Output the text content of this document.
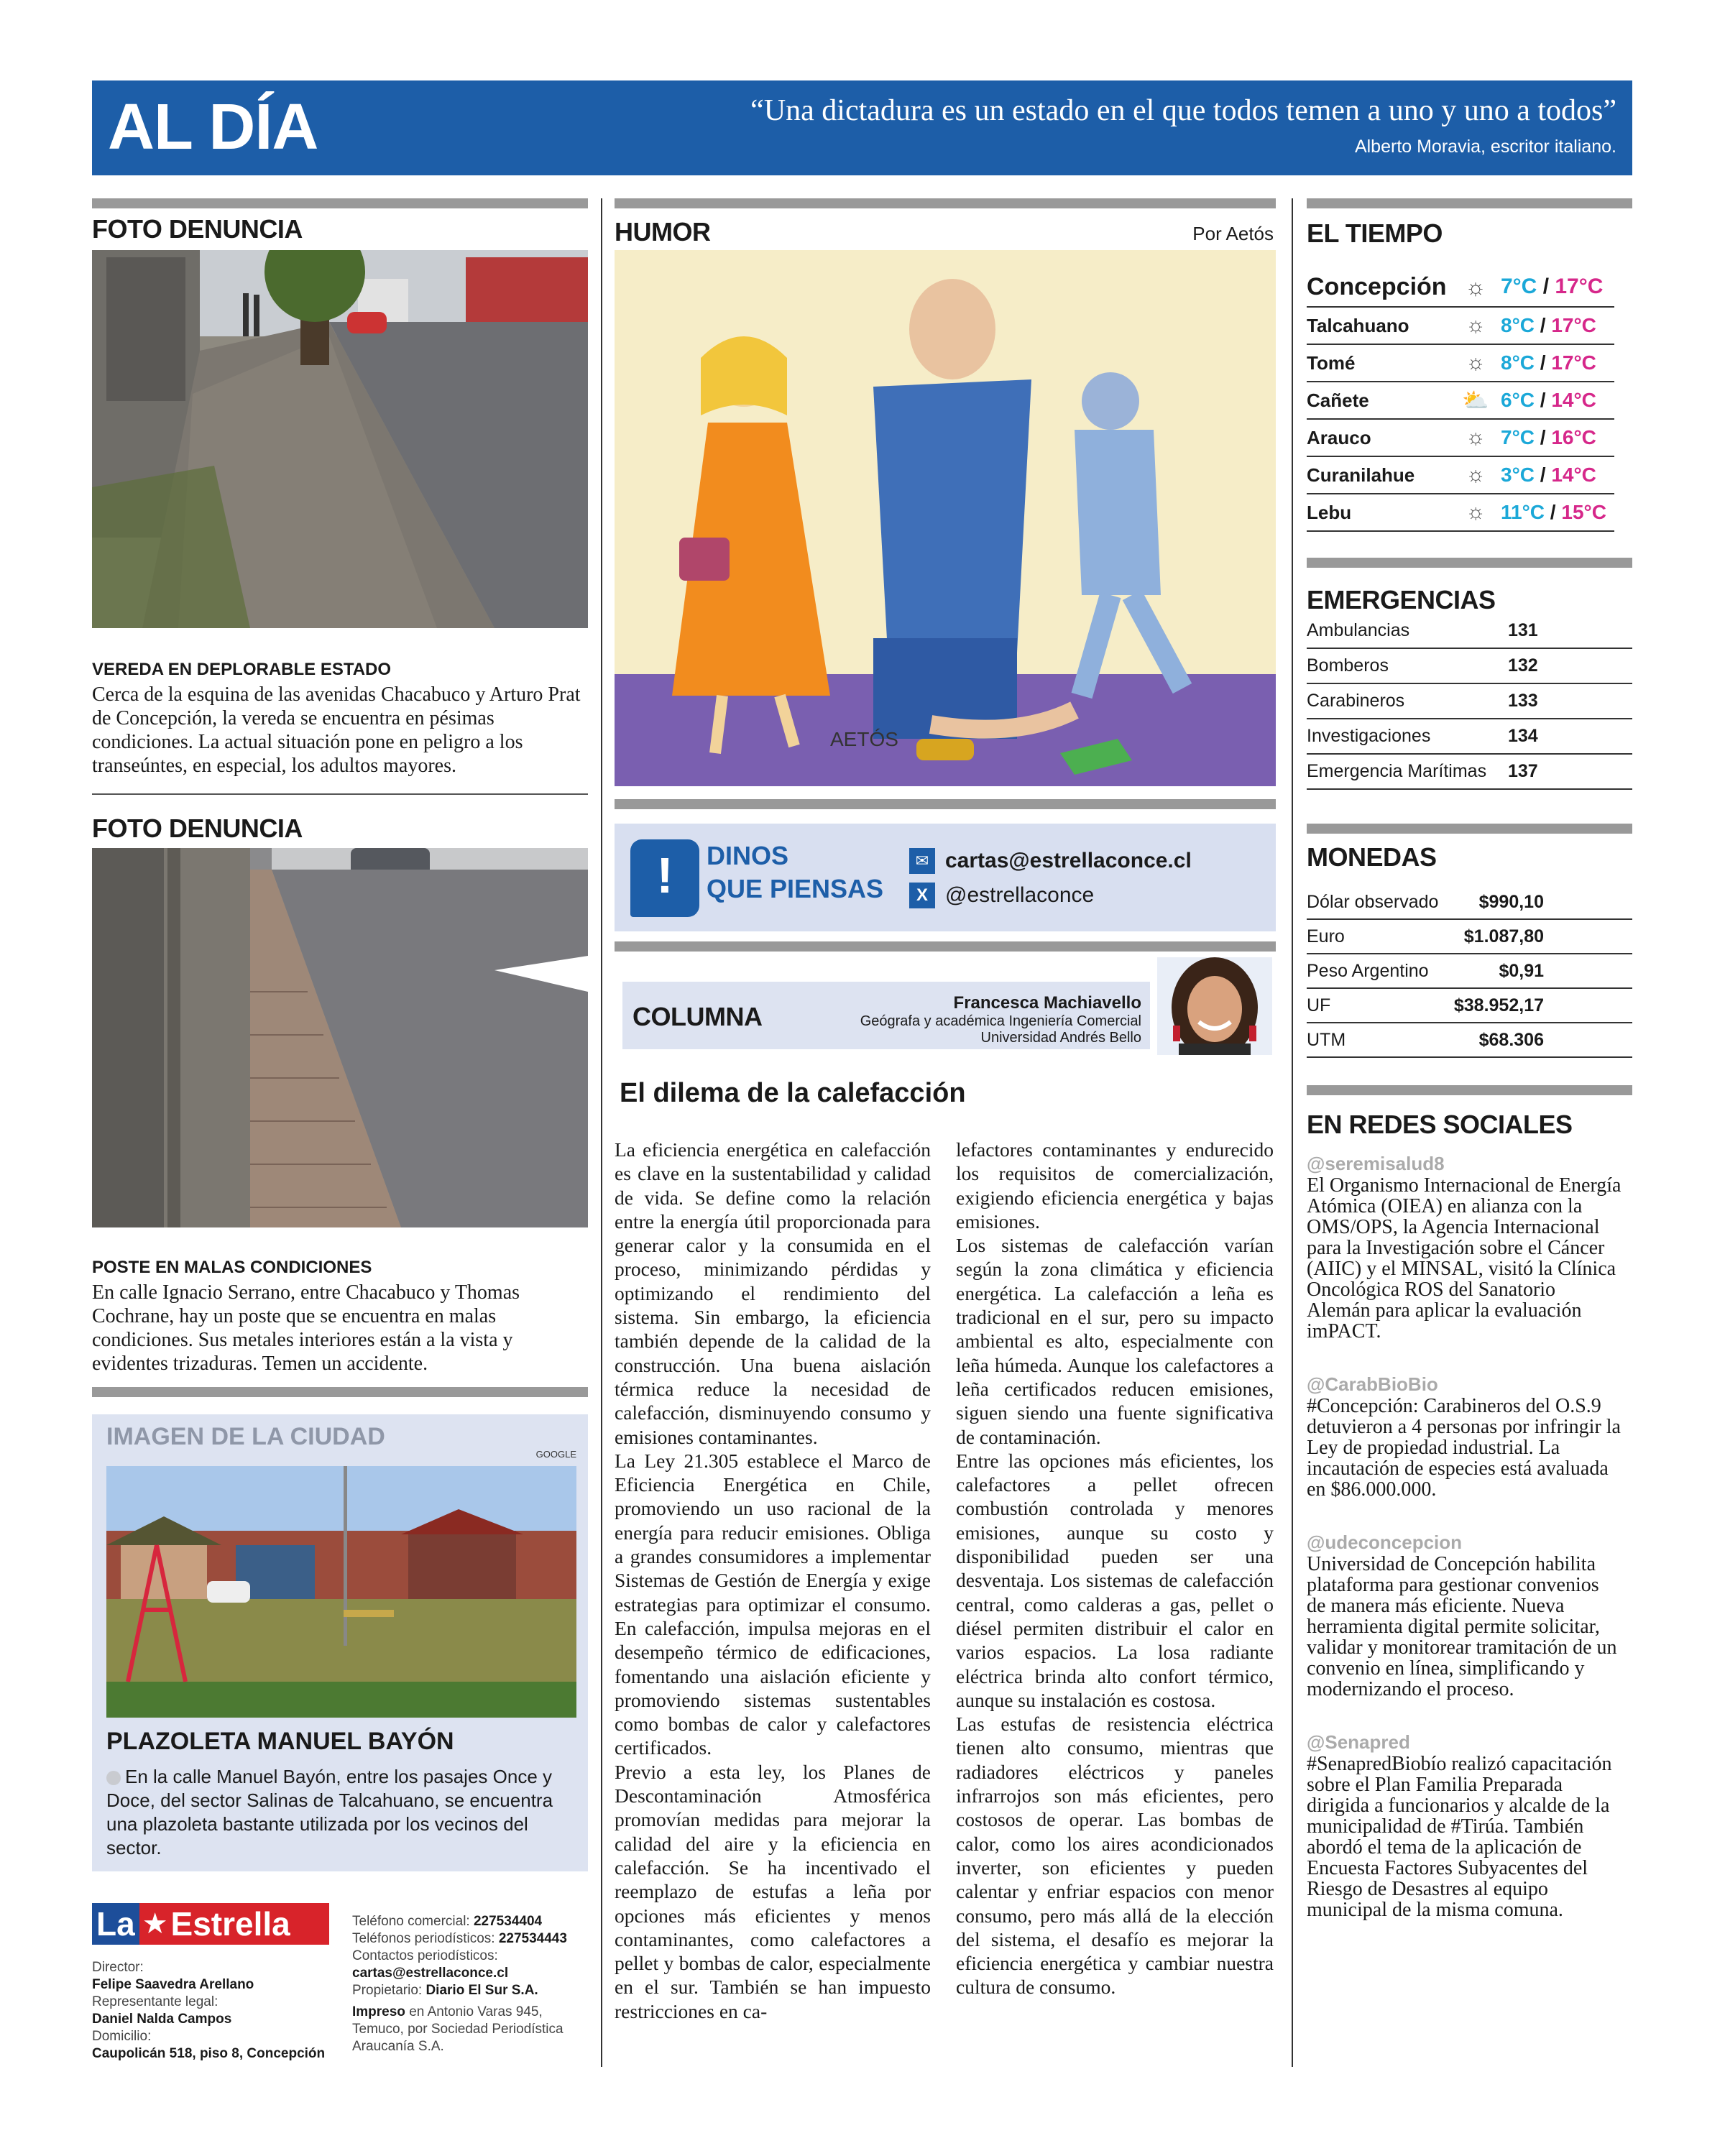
AL DÍA	“Una dictadura es un estado en el que todos temen a uno y uno a todos”
Alberto Moravia, escritor italiano.
FOTO DENUNCIA
VEREDA EN DEPLORABLE ESTADO
Cerca de la esquina de las avenidas Chacabuco y Arturo Prat de Concepción, la vereda se encuentra en pésimas condiciones. La actual situación pone en peligro a los transeúntes, en especial, los adultos mayores.
FOTO DENUNCIA
POSTE EN MALAS CONDICIONES
En calle Ignacio Serrano, entre Chacabuco y Thomas Cochrane, hay un poste que se encuentra en malas condiciones. Sus metales interiores están a la vista y evidentes trizaduras. Temen un accidente.
IMAGEN DE LA CIUDAD
GOOGLE
PLAZOLETA MANUEL BAYÓN
En la calle Manuel Bayón, entre los pasajes Once y Doce, del sector Salinas de Talcahuano, se encuentra una plazoleta bastante utilizada por los vecinos del sector.
La ★ Estrella
Director:
Felipe Saavedra Arellano
Representante legal:
Daniel Nalda Campos
Domicilio:
Caupolicán 518, piso 8, Concepción
Teléfono comercial: 227534404
Teléfonos periodísticos: 227534443
Contactos periodísticos:
cartas@estrellaconce.cl
Propietario: Diario El Sur S.A.
Impreso en Antonio Varas 945,
Temuco, por Sociedad Periodística
Araucanía S.A.
HUMOR	Por Aetós
AETÓS
!	DINOS
QUE PIENSAS
✉ cartas@estrellaconce.cl
X @estrellaconce
COLUMNA	Francesca Machiavello
Geógrafa y académica Ingeniería Comercial
Universidad Andrés Bello
El dilema de la calefacción

La eficiencia energética en calefacción es clave en la sustentabilidad y calidad de vida. Se define como la relación entre la energía útil proporcionada para generar calor y la consumida en el proceso, minimizando pérdidas y optimizando el rendimiento del sistema. Sin embargo, la eficiencia también depende de la calidad de la construcción. Una buena aislación térmica reduce la necesidad de calefacción, disminuyendo consumo y emisiones contaminantes.

La Ley 21.305 establece el Marco de Eficiencia Energética en Chile, promoviendo un uso racional de la energía para reducir emisiones. Obliga a grandes consumidores a implementar Sistemas de Gestión de Energía y exige estrategias para optimizar el consumo. En calefacción, impulsa mejoras en el desempeño térmico de edificaciones, fomentando una aislación eficiente y promoviendo sistemas sustentables como bombas de calor y calefactores certificados.

Previo a esta ley, los Planes de Descontaminación Atmosférica promovían medidas para mejorar la calidad del aire y la eficiencia en calefacción. Se ha incentivado el reemplazo de estufas a leña por opciones más eficientes y menos contaminantes, como calefactores a pellet y bombas de calor, especialmente en el sur. También se han impuesto restricciones en ca-

lefactores contaminantes y endurecido los requisitos de comercialización, exigiendo eficiencia energética y bajas emisiones.

Los sistemas de calefacción varían según la zona climática y eficiencia energética. La calefacción a leña es tradicional en el sur, pero su impacto ambiental es alto, especialmente con leña húmeda. Aunque los calefactores a leña certificados reducen emisiones, siguen siendo una fuente significativa de contaminación.

Entre las opciones más eficientes, los calefactores a pellet ofrecen combustión controlada y menores emisiones, aunque su costo y disponibilidad pueden ser una desventaja. Los sistemas de calefacción central, como calderas a gas, pellet o diésel permiten distribuir el calor en varios espacios. La losa radiante eléctrica brinda alto confort térmico, aunque su instalación es costosa.

Las estufas de resistencia eléctrica tienen alto consumo, mientras que radiadores eléctricos y paneles infrarrojos son más eficientes, pero costosos de operar. Las bombas de calor, como los aires acondicionados inverter, son eficientes y pueden calentar y enfriar espacios con menor consumo, pero más allá de la elección del sistema, el desafío es mejorar la eficiencia energética y cambiar nuestra cultura de consumo.

EL TIEMPO
Concepción ☼ 7°C / 17°C
Talcahuano	☼ 8°C / 17°C
Tomé	☼ 8°C / 17°C
Cañete	⛅ 6°C / 14°C
Arauco	☼ 7°C / 16°C
Curanilahue	☼ 3°C / 14°C
Lebu	☼ 11°C / 15°C
EMERGENCIAS
Ambulancias	131
Bomberos	132
Carabineros	133
Investigaciones	134
Emergencia Marítimas	137
MONEDAS
Dólar observado	$990,10
Euro	$1.087,80
Peso Argentino	$0,91
UF	$38.952,17
UTM	$68.306
EN REDES SOCIALES
@seremisalud8
El Organismo Internacional de Energía Atómica (OIEA) en alianza con la OMS/OPS, la Agencia Internacional para la Investigación sobre el Cáncer (AIIC) y el MINSAL, visitó la Clínica Oncológica ROS del Sanatorio Alemán para aplicar la evaluación imPACT.
@CarabBioBio
#Concepción: Carabineros del O.S.9 detuvieron a 4 personas por infringir la Ley de propiedad industrial. La incautación de especies está avaluada en $86.000.000.
@udeconcepcion
Universidad de Concepción habilita plataforma para gestionar convenios de manera más eficiente. Nueva herramienta digital permite solicitar, validar y monitorear tramitación de un convenio en línea, simplificando y modernizando el proceso.
@Senapred
#SenapredBiobío realizó capacitación sobre el Plan Familia Preparada dirigida a funcionarios y alcalde de la municipalidad de #Tirúa. También abordó el tema de la aplicación de Encuesta Factores Subyacentes del Riesgo de Desastres al equipo municipal de la misma comuna.
